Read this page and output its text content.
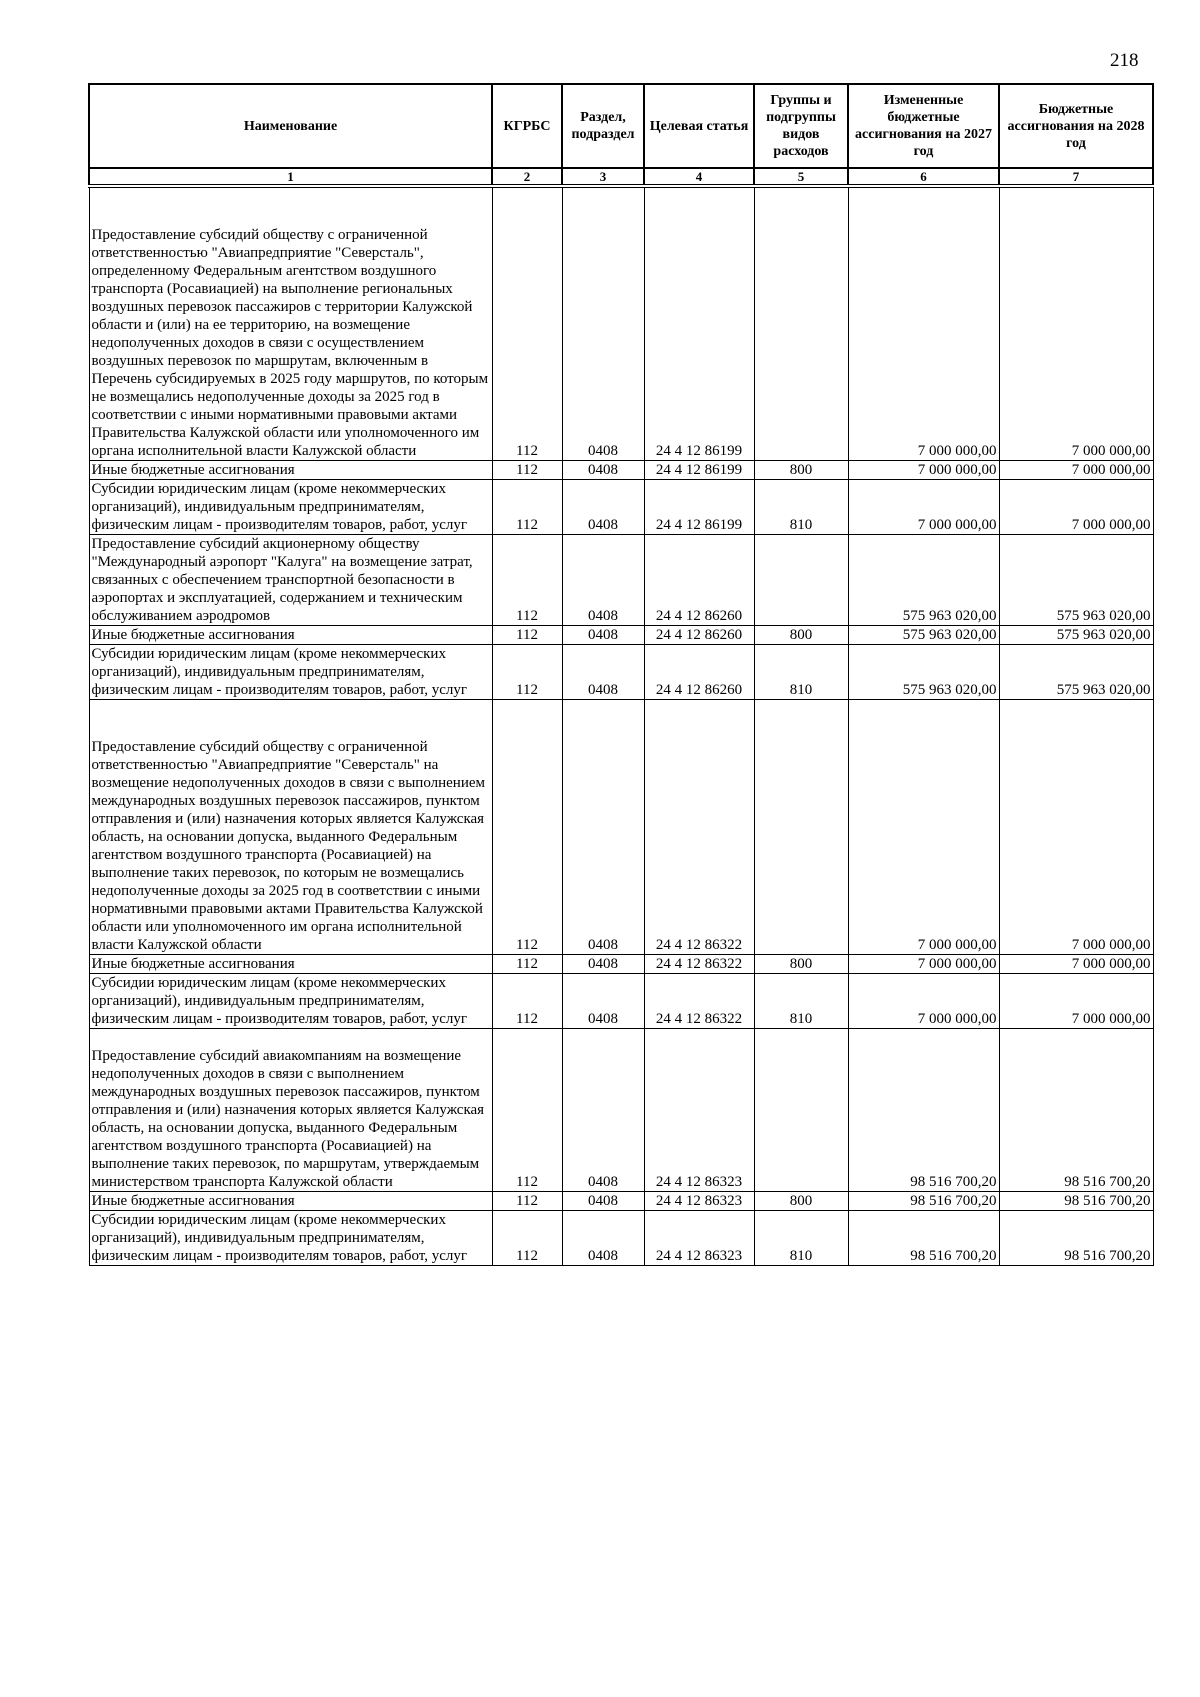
218
Наименование	КГРБС	Раздел, подраздел	Целевая статья	Группы и подгруппы видов расходов	Измененные бюджетные ассигнования на 2027 год	Бюджетные ассигнования на 2028 год
1	2	3	4	5	6	7
Предоставление субсидий обществу с ограниченной ответственностью "Авиапредприятие "Северсталь", определенному Федеральным агентством воздушного транспорта (Росавиацией) на выполнение региональных воздушных перевозок пассажиров с территории Калужской области и (или) на ее территорию, на возмещение недополученных доходов в связи с осуществлением воздушных перевозок по маршрутам, включенным в Перечень субсидируемых в 2025 году маршрутов, по которым не возмещались недополученные доходы за 2025 год в соответствии с иными нормативными правовыми актами Правительства Калужской области или уполномоченного им органа исполнительной власти Калужской области	112	0408	24 4 12 86199		7 000 000,00	7 000 000,00
Иные бюджетные ассигнования	112	0408	24 4 12 86199	800	7 000 000,00	7 000 000,00
Субсидии юридическим лицам (кроме некоммерческих организаций), индивидуальным предпринимателям, физическим лицам - производителям товаров, работ, услуг	112	0408	24 4 12 86199	810	7 000 000,00	7 000 000,00
Предоставление субсидий акционерному обществу "Международный аэропорт "Калуга" на возмещение затрат, связанных с обеспечением транспортной безопасности в аэропортах и эксплуатацией, содержанием и техническим обслуживанием аэродромов	112	0408	24 4 12 86260		575 963 020,00	575 963 020,00
Иные бюджетные ассигнования	112	0408	24 4 12 86260	800	575 963 020,00	575 963 020,00
Субсидии юридическим лицам (кроме некоммерческих организаций), индивидуальным предпринимателям, физическим лицам - производителям товаров, работ, услуг	112	0408	24 4 12 86260	810	575 963 020,00	575 963 020,00
Предоставление субсидий обществу с ограниченной ответственностью "Авиапредприятие "Северсталь" на возмещение недополученных доходов в связи с выполнением международных воздушных перевозок пассажиров, пунктом отправления и (или) назначения которых является Калужская область, на основании допуска, выданного Федеральным агентством воздушного транспорта (Росавиацией) на выполнение таких перевозок, по которым не возмещались недополученные доходы за 2025 год в соответствии с иными нормативными правовыми актами Правительства Калужской области или уполномоченного им органа исполнительной власти Калужской области	112	0408	24 4 12 86322		7 000 000,00	7 000 000,00
Иные бюджетные ассигнования	112	0408	24 4 12 86322	800	7 000 000,00	7 000 000,00
Субсидии юридическим лицам (кроме некоммерческих организаций), индивидуальным предпринимателям, физическим лицам - производителям товаров, работ, услуг	112	0408	24 4 12 86322	810	7 000 000,00	7 000 000,00
Предоставление субсидий авиакомпаниям на возмещение недополученных доходов в связи с выполнением международных воздушных перевозок пассажиров, пунктом отправления и (или) назначения которых является Калужская область, на основании допуска, выданного Федеральным агентством воздушного транспорта (Росавиацией) на выполнение таких перевозок, по маршрутам, утверждаемым министерством транспорта Калужской области	112	0408	24 4 12 86323		98 516 700,20	98 516 700,20
Иные бюджетные ассигнования	112	0408	24 4 12 86323	800	98 516 700,20	98 516 700,20
Субсидии юридическим лицам (кроме некоммерческих организаций), индивидуальным предпринимателям, физическим лицам - производителям товаров, работ, услуг	112	0408	24 4 12 86323	810	98 516 700,20	98 516 700,20
